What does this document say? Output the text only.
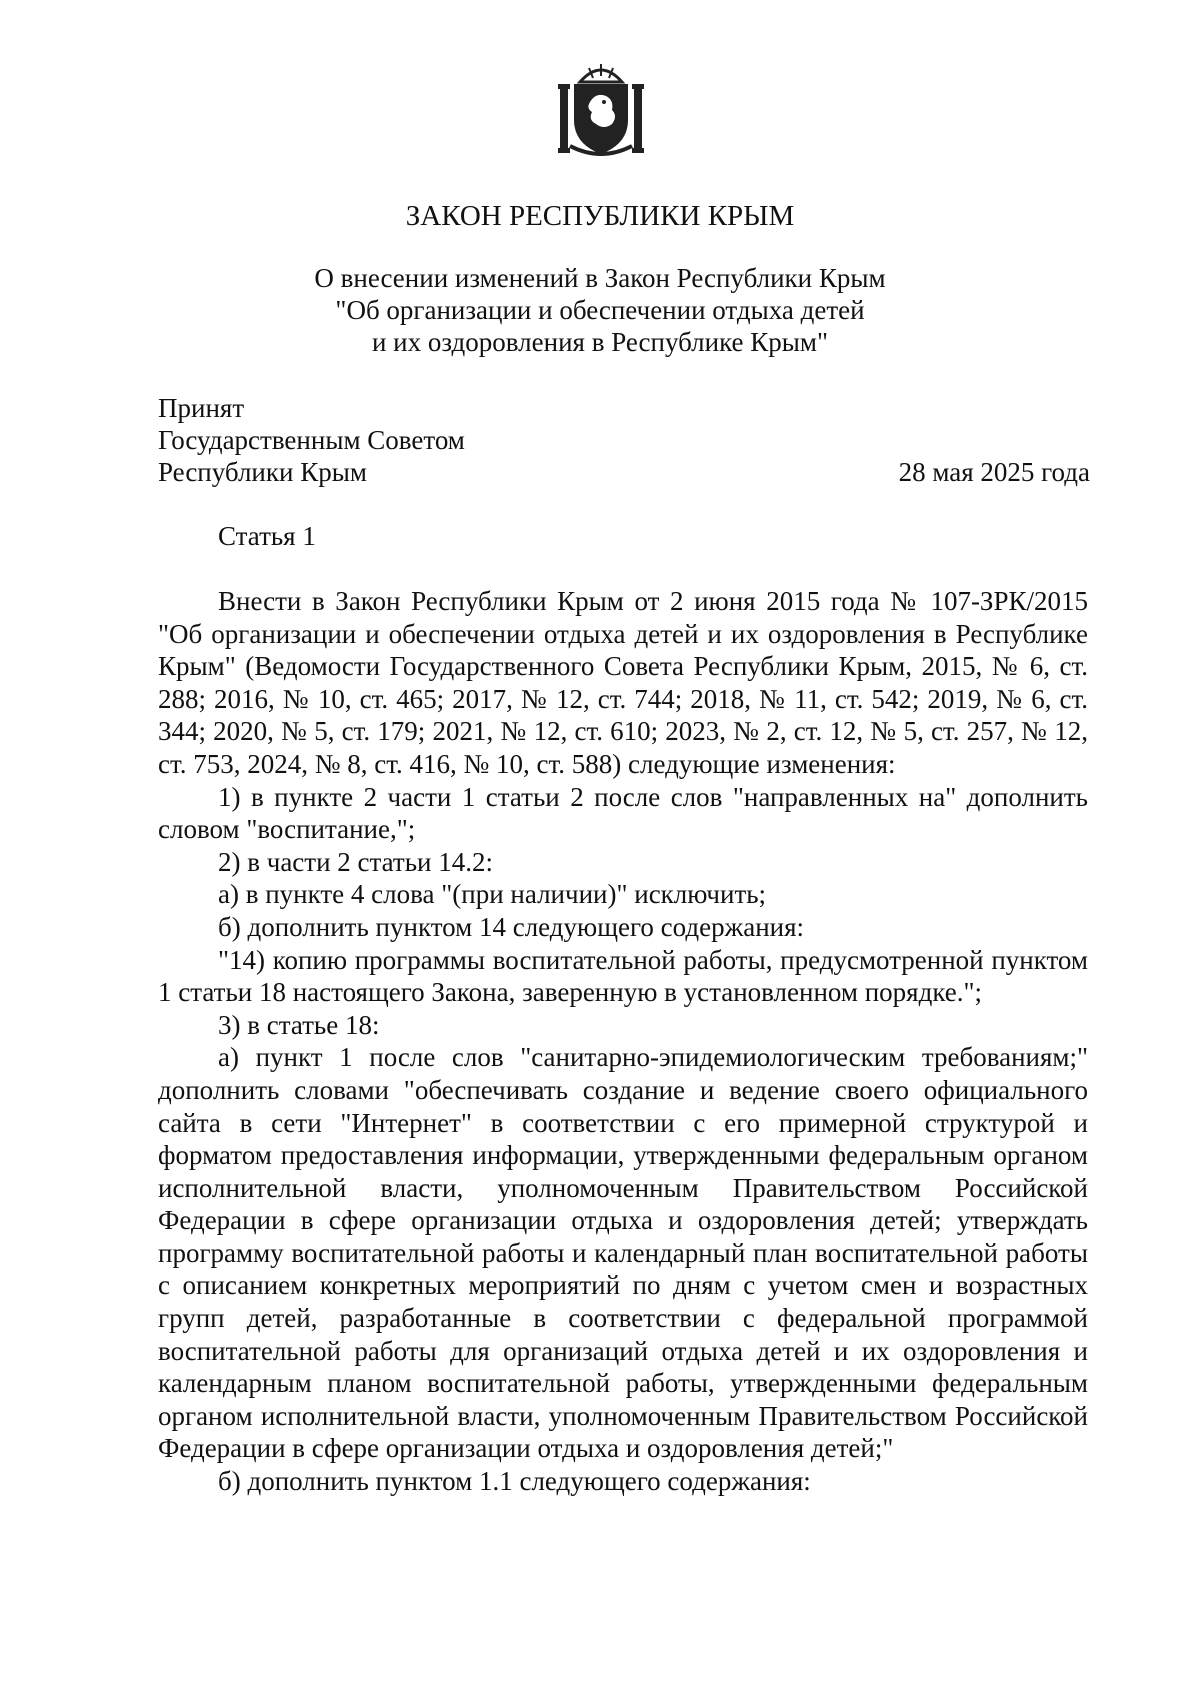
ЗАКОН РЕСПУБЛИКИ КРЫМ
О внесении изменений в Закон Республики Крым
"Об организации и обеспечении отдыха детей
и их оздоровления в Республике Крым"
Принят
Государственным Советом
Республики Крым	28 мая 2025 года
Статья 1

Внести в Закон Республики Крым от 2 июня 2015 года № 107-ЗРК/2015 "Об организации и обеспечении отдыха детей и их оздоровления в Республике Крым" (Ведомости Государственного Совета Республики Крым, 2015, № 6, ст. 288; 2016, № 10, ст. 465; 2017, № 12, ст. 744; 2018, № 11, ст. 542; 2019, № 6, ст. 344; 2020, № 5, ст. 179; 2021, № 12, ст. 610; 2023, № 2, ст. 12, № 5, ст. 257, № 12, ст. 753, 2024, № 8, ст. 416, № 10, ст. 588) следующие изменения:

1) в пункте 2 части 1 статьи 2 после слов "направленных на" дополнить словом "воспитание,";

2) в части 2 статьи 14.2:

а) в пункте 4 слова "(при наличии)" исключить;

б) дополнить пунктом 14 следующего содержания:

"14) копию программы воспитательной работы, предусмотренной пунктом 1 статьи 18 настоящего Закона, заверенную в установленном порядке.";

3) в статье 18:

а) пункт 1 после слов "санитарно-эпидемиологическим требованиям;" дополнить словами "обеспечивать создание и ведение своего официального сайта в сети "Интернет" в соответствии с его примерной структурой и форматом предоставления информации, утвержденными федеральным органом исполнительной власти, уполномоченным Правительством Российской Федерации в сфере организации отдыха и оздоровления детей; утверждать программу воспитательной работы и календарный план воспитательной работы с описанием конкретных мероприятий по дням с учетом смен и возрастных групп детей, разработанные в соответствии с федеральной программой воспитательной работы для организаций отдыха детей и их оздоровления и календарным планом воспитательной работы, утвержденными федеральным органом исполнительной власти, уполномоченным Правительством Российской Федерации в сфере организации отдыха и оздоровления детей;"

б) дополнить пунктом 1.1 следующего содержания:
